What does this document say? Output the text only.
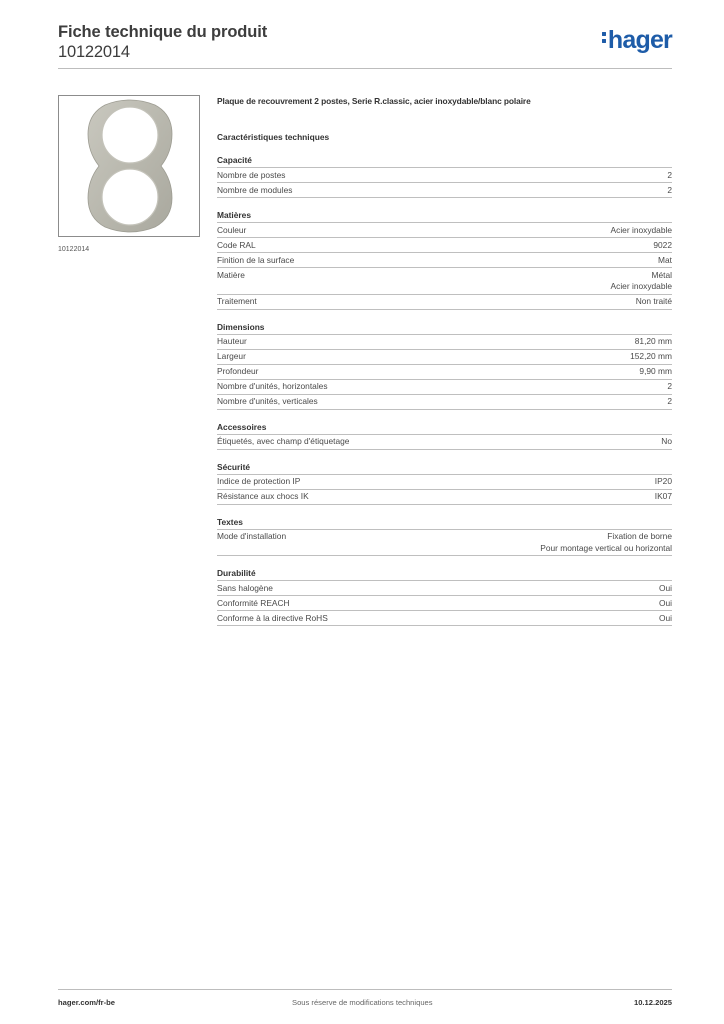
Fiche technique du produit
10122014	hager
10122014
Plaque de recouvrement 2 postes, Serie R.classic, acier inoxydable/blanc polaire
Caractéristiques techniques
Capacité
Nombre de postes	2
Nombre de modules	2
Matières
Couleur	Acier inoxydable
Code RAL	9022
Finition de la surface	Mat
Matière	Métal
Acier inoxydable
Traitement	Non traité
Dimensions
Hauteur	81,20 mm
Largeur	152,20 mm
Profondeur	9,90 mm
Nombre d'unités, horizontales	2
Nombre d'unités, verticales	2
Accessoires
Étiquetés, avec champ d'étiquetage	No
Sécurité
Indice de protection IP	IP20
Résistance aux chocs IK	IK07
Textes
Mode d'installation	Fixation de borne
Pour montage vertical ou horizontal
Durabilité
Sans halogène	Oui
Conformité REACH	Oui
Conforme à la directive RoHS	Oui
hager.com/fr-be	Sous réserve de modifications techniques	10.12.2025
